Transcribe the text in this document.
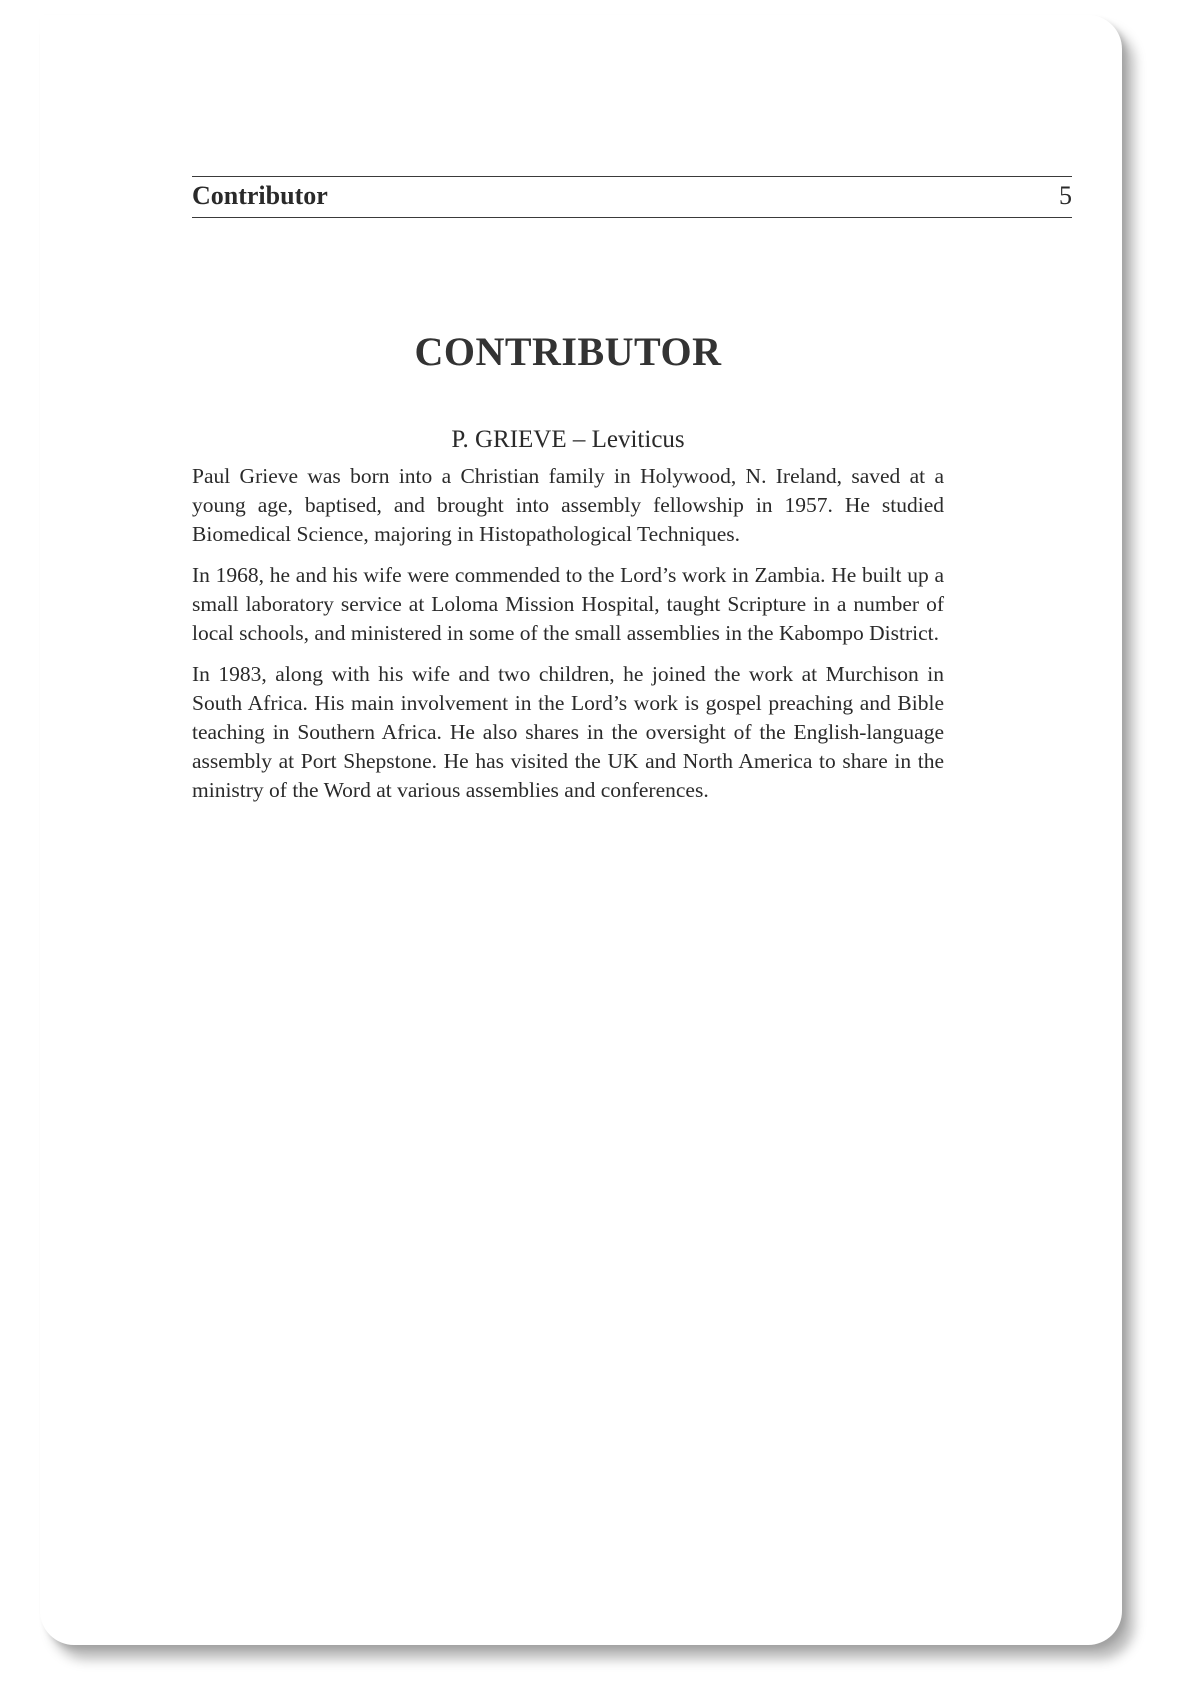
Contributor	5
CONTRIBUTOR
P. GRIEVE – Leviticus

Paul Grieve was born into a Christian family in Holywood, N. Ireland, saved at a young age, baptised, and brought into assembly fellowship in 1957. He studied Biomedical Science, majoring in Histopathological Techniques.

In 1968, he and his wife were commended to the Lord’s work in Zambia. He built up a small laboratory service at Loloma Mission Hospital, taught Scripture in a number of local schools, and ministered in some of the small assemblies in the Kabompo District.

In 1983, along with his wife and two children, he joined the work at Murchison in South Africa. His main involvement in the Lord’s work is gospel preaching and Bible teaching in Southern Africa. He also shares in the oversight of the English-language assembly at Port Shepstone. He has visited the UK and North America to share in the ministry of the Word at various assemblies and conferences.
